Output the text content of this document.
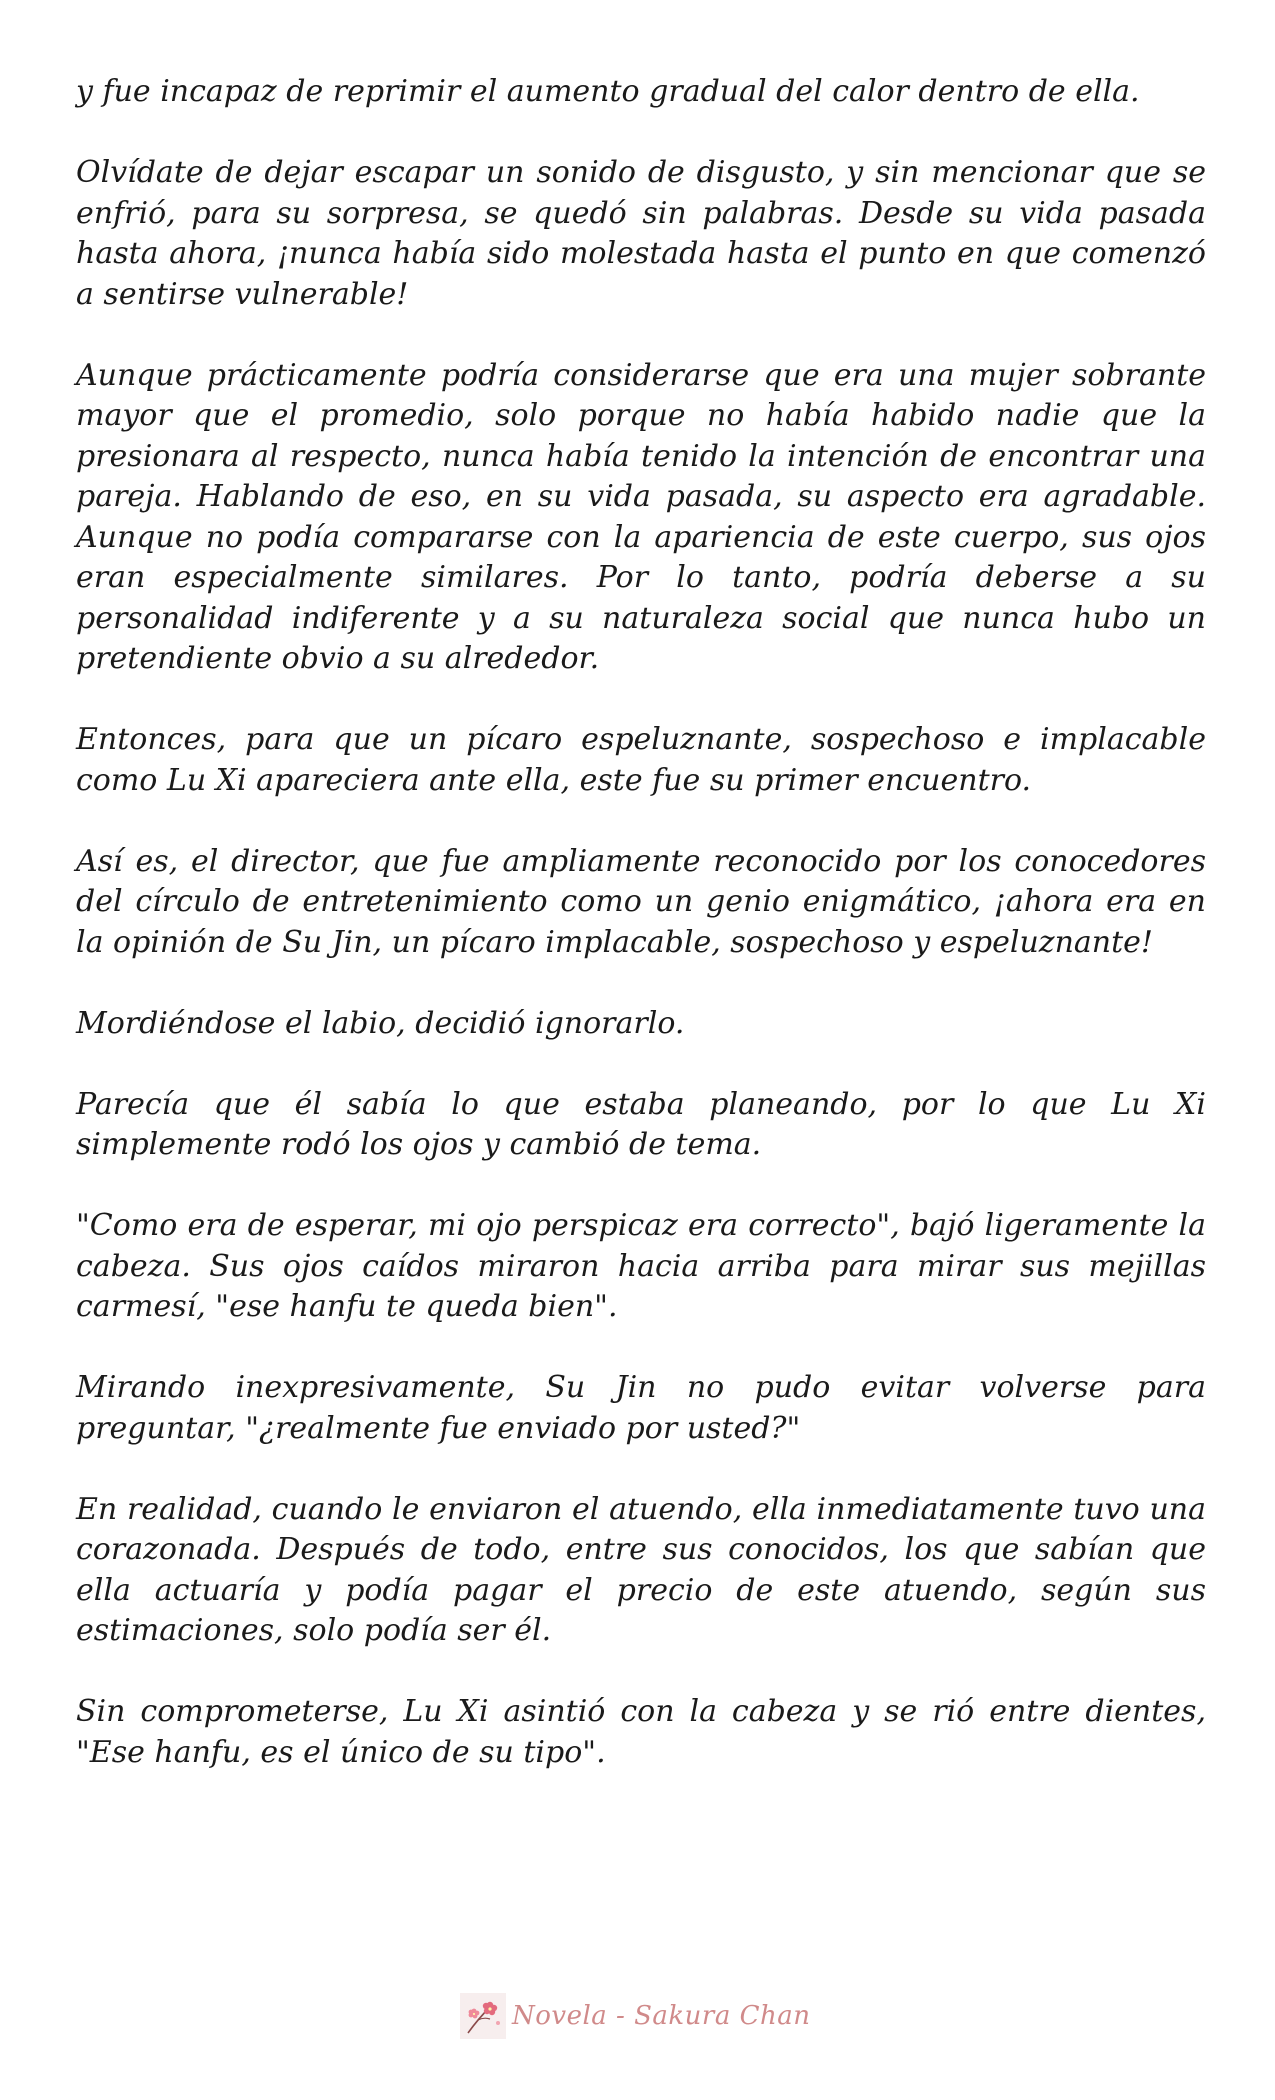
y fue incapaz de reprimir el aumento gradual del calor dentro de ella.

Olvídate de dejar escapar un sonido de disgusto, y sin mencionar que se enfrió, para su sorpresa, se quedó sin palabras. Desde su vida pasada hasta ahora, ¡nunca había sido molestada hasta el punto en que comenzó a sentirse vulnerable!

Aunque prácticamente podría considerarse que era una mujer sobrante mayor que el promedio, solo porque no había habido nadie que la presionara al respecto, nunca había tenido la intención de encontrar una pareja. Hablando de eso, en su vida pasada, su aspecto era agradable. Aunque no podía compararse con la apariencia de este cuerpo, sus ojos eran especialmente similares. Por lo tanto, podría deberse a su personalidad indiferente y a su naturaleza social que nunca hubo un pretendiente obvio a su alrededor.

Entonces, para que un pícaro espeluznante, sospechoso e implacable como Lu Xi apareciera ante ella, este fue su primer encuentro.

Así es, el director, que fue ampliamente reconocido por los conocedores del círculo de entretenimiento como un genio enigmático, ¡ahora era en la opinión de Su Jin, un pícaro implacable, sospechoso y espeluznante!

Mordiéndose el labio, decidió ignorarlo.

Parecía que él sabía lo que estaba planeando, por lo que Lu Xi simplemente rodó los ojos y cambió de tema.

"Como era de esperar, mi ojo perspicaz era correcto", bajó ligeramente la cabeza. Sus ojos caídos miraron hacia arriba para mirar sus mejillas carmesí, "ese hanfu te queda bien".

Mirando inexpresivamente, Su Jin no pudo evitar volverse para preguntar, "¿realmente fue enviado por usted?"

En realidad, cuando le enviaron el atuendo, ella inmediatamente tuvo una corazonada. Después de todo, entre sus conocidos, los que sabían que ella actuaría y podía pagar el precio de este atuendo, según sus estimaciones, solo podía ser él.

Sin comprometerse, Lu Xi asintió con la cabeza y se rió entre dientes, "Ese hanfu, es el único de su tipo".

Novela - Sakura Chan
